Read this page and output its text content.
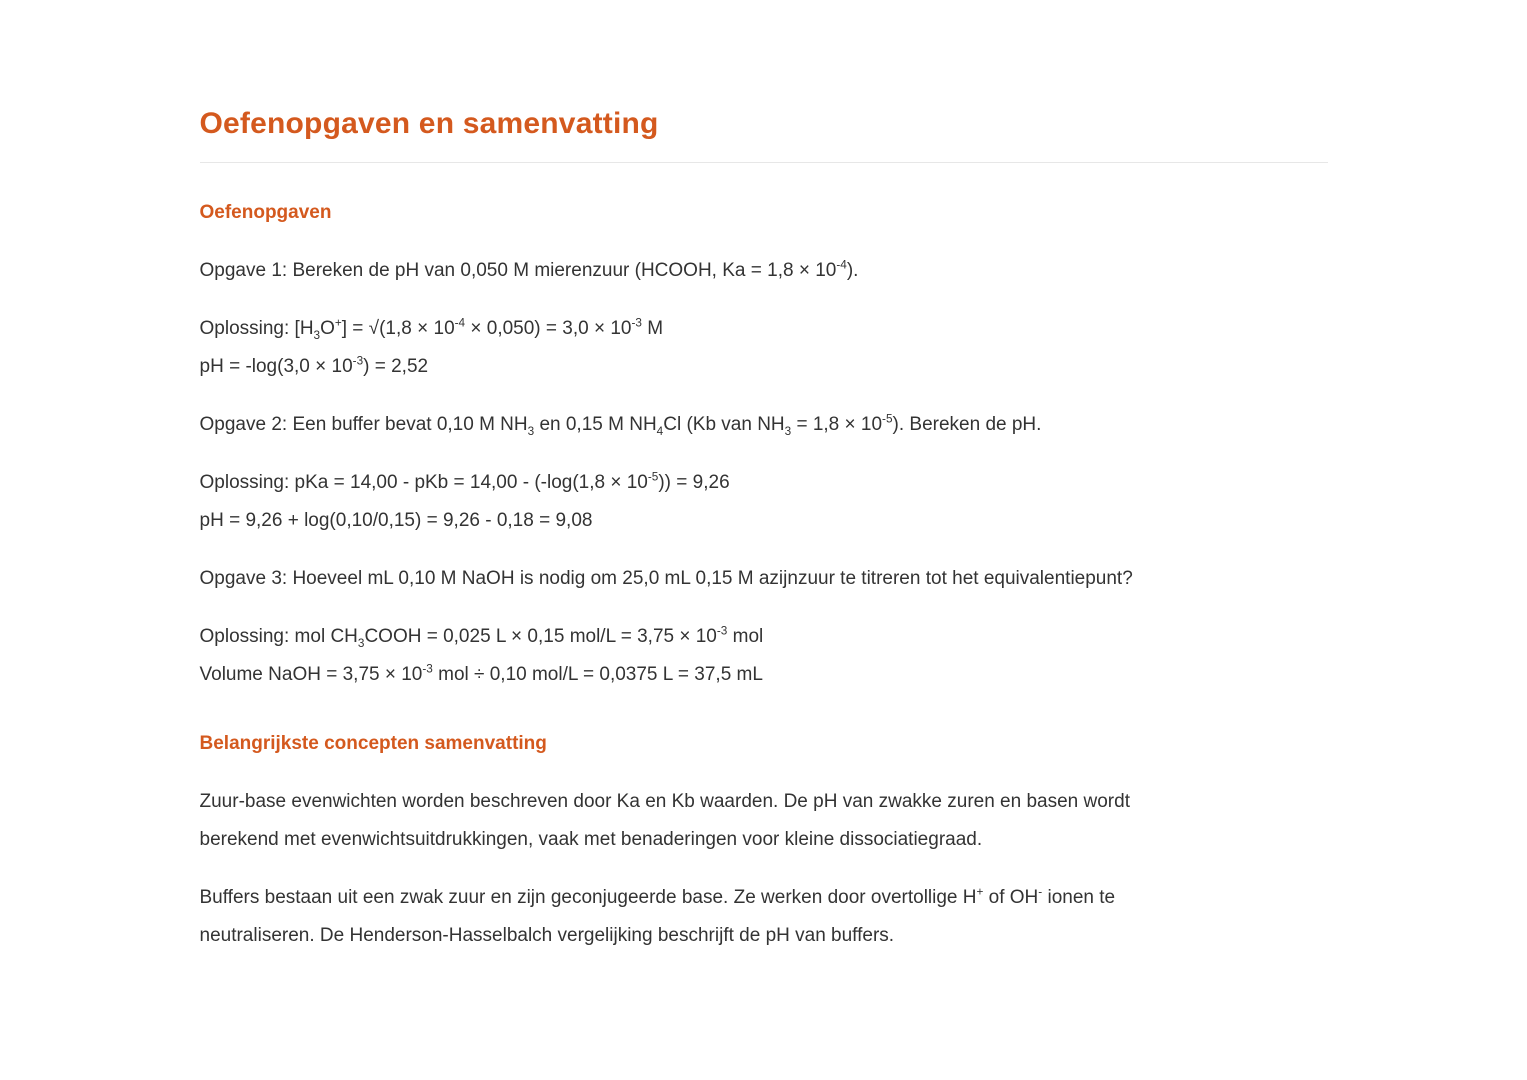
Oefenopgaven en samenvatting
Oefenopgaven

Opgave 1: Bereken de pH van 0,050 M mierenzuur (HCOOH, $Ka = 1,8 \times 10^{-4}$).

Oplossing: $[H_3O^+] = √(1,8 \times 10^{-4} \times 0,050) = 3,0 \times 10^{-3}$ M
pH = $-\log(3,0 \times 10^{-3}) = 2,52$

Opgave 2: Een buffer bevat 0,10 M $NH_3$ en 0,15 M $NH_4Cl$ (Kb van $NH_3 = 1,8 \times 10^{-5}$). Bereken de pH.

Oplossing: pKa = 14,00 - pKb = $14,00 - (-\log(1,8 \times 10^{-5})) = 9,26$
pH = 9,26 + log(0,10/0,15) = 9,26 - 0,18 = 9,08

Opgave 3: Hoeveel mL 0,10 M NaOH is nodig om 25,0 mL 0,15 M azijnzuur te titreren tot het equivalentiepunt?

Oplossing: mol $CH_3COOH = 0,025$ L × 0,15 $mol/L = 3,75 \times 10^{-3}$ mol
Volume NaOH = $3,75 \times 10^{-3}$ mol ÷ 0,10 mol/L = 0,0375 L = 37,5 mL

Belangrijkste concepten samenvatting

Zuur-base evenwichten worden beschreven door Ka en Kb waarden. De pH van zwakke zuren en basen wordt
berekend met evenwichtsuitdrukkingen, vaak met benaderingen voor kleine dissociatiegraad.

Buffers bestaan uit een zwak zuur en zijn geconjugeerde base. Ze werken door overtollige H+ of OH- ionen te
neutraliseren. De Henderson-Hasselbalch vergelijking beschrijft de pH van buffers.
